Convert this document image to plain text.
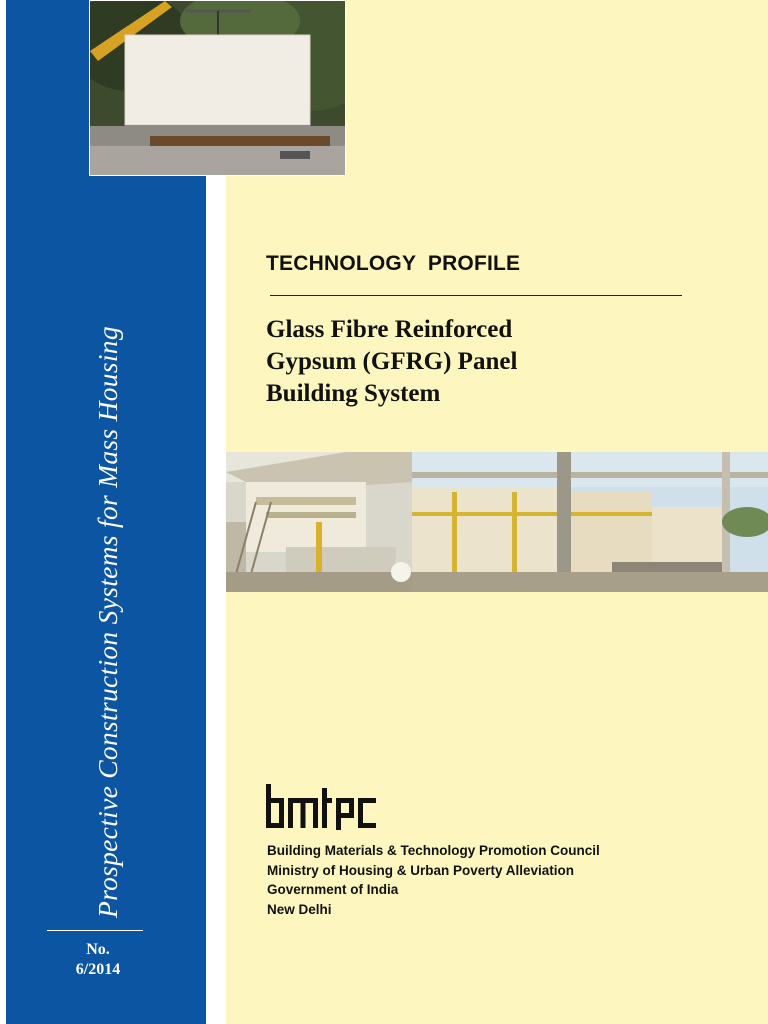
Prospective Construction Systems for Mass Housing
No.
6/2014
TECHNOLOGY  PROFILE
Glass Fibre Reinforced
Gypsum (GFRG) Panel
Building System
Building Materials & Technology Promotion Council
Ministry of Housing & Urban Poverty Alleviation
Government of India
New Delhi
